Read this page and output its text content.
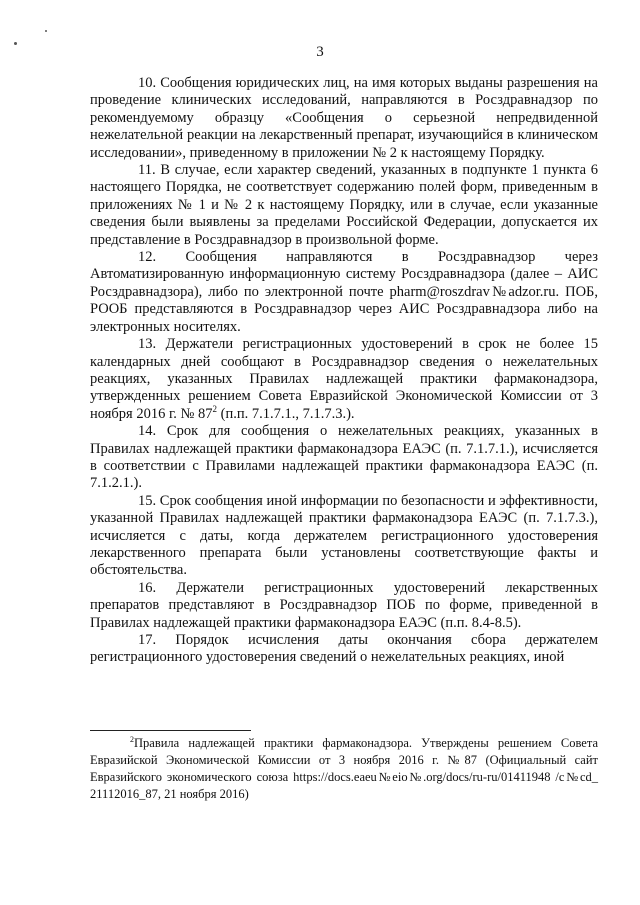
3

10. Сообщения юридических лиц, на имя которых выданы разрешения на проведение клинических исследований, направляются в Росздравнадзор по рекомендуемому образцу «Сообщения о серьезной непредвиденной нежелательной реакции на лекарственный препарат, изучающийся в клиническом исследовании», приведенному в приложении № 2 к настоящему Порядку.

11. В случае, если характер сведений, указанных в подпункте 1 пункта 6 настоящего Порядка, не соответствует содержанию полей форм, приведенным в приложениях № 1 и № 2 к настоящему Порядку, или в случае, если указанные сведения были выявлены за пределами Российской Федерации, допускается их представление в Росздравнадзор в произвольной форме.

12. Сообщения направляются в Росздравнадзор через Автоматизированную информационную систему Росздравнадзора (далее – АИС Росздравнадзора), либо по электронной почте pharm@roszdrav№adzor.ru. ПОБ, РООБ представляются в Росздравнадзор через АИС Росздравнадзора либо на электронных носителях.

13. Держатели регистрационных удостоверений в срок не более 15 календарных дней сообщают в Росздравнадзор сведения о нежелательных реакциях, указанных Правилах надлежащей практики фармаконадзора, утвержденных решением Совета Евразийской Экономической Комиссии от 3 ноября 2016 г. № $87^2$ (п.п. 7.1.7.1., 7.1.7.3.).

14. Срок для сообщения о нежелательных реакциях, указанных в Правилах надлежащей практики фармаконадзора ЕАЭС (п. 7.1.7.1.), исчисляется в соответствии с Правилами надлежащей практики фармаконадзора ЕАЭС (п. 7.1.2.1.).

15. Срок сообщения иной информации по безопасности и эффективности, указанной Правилах надлежащей практики фармаконадзора ЕАЭС (п. 7.1.7.3.), исчисляется с даты, когда держателем регистрационного удостоверения лекарственного препарата были установлены соответствующие факты и обстоятельства.

16. Держатели регистрационных удостоверений лекарственных препаратов представляют в Росздравнадзор ПОБ по форме, приведенной в Правилах надлежащей практики фармаконадзора ЕАЭС (п.п. 8.4-8.5).

17. Порядок исчисления даты окончания сбора держателем регистрационного удостоверения сведений о нежелательных реакциях, иной

$^2$Правила надлежащей практики фармаконадзора. Утверждены решением Совета Евразийской Экономической Комиссии от 3 ноября 2016 г. №87 (Официальный сайт Евразийского экономического союза https://docs.eaeu№eio№.org/docs/ru-ru/01411948 /c№cd_ 21112016_87, 21 ноября 2016)
